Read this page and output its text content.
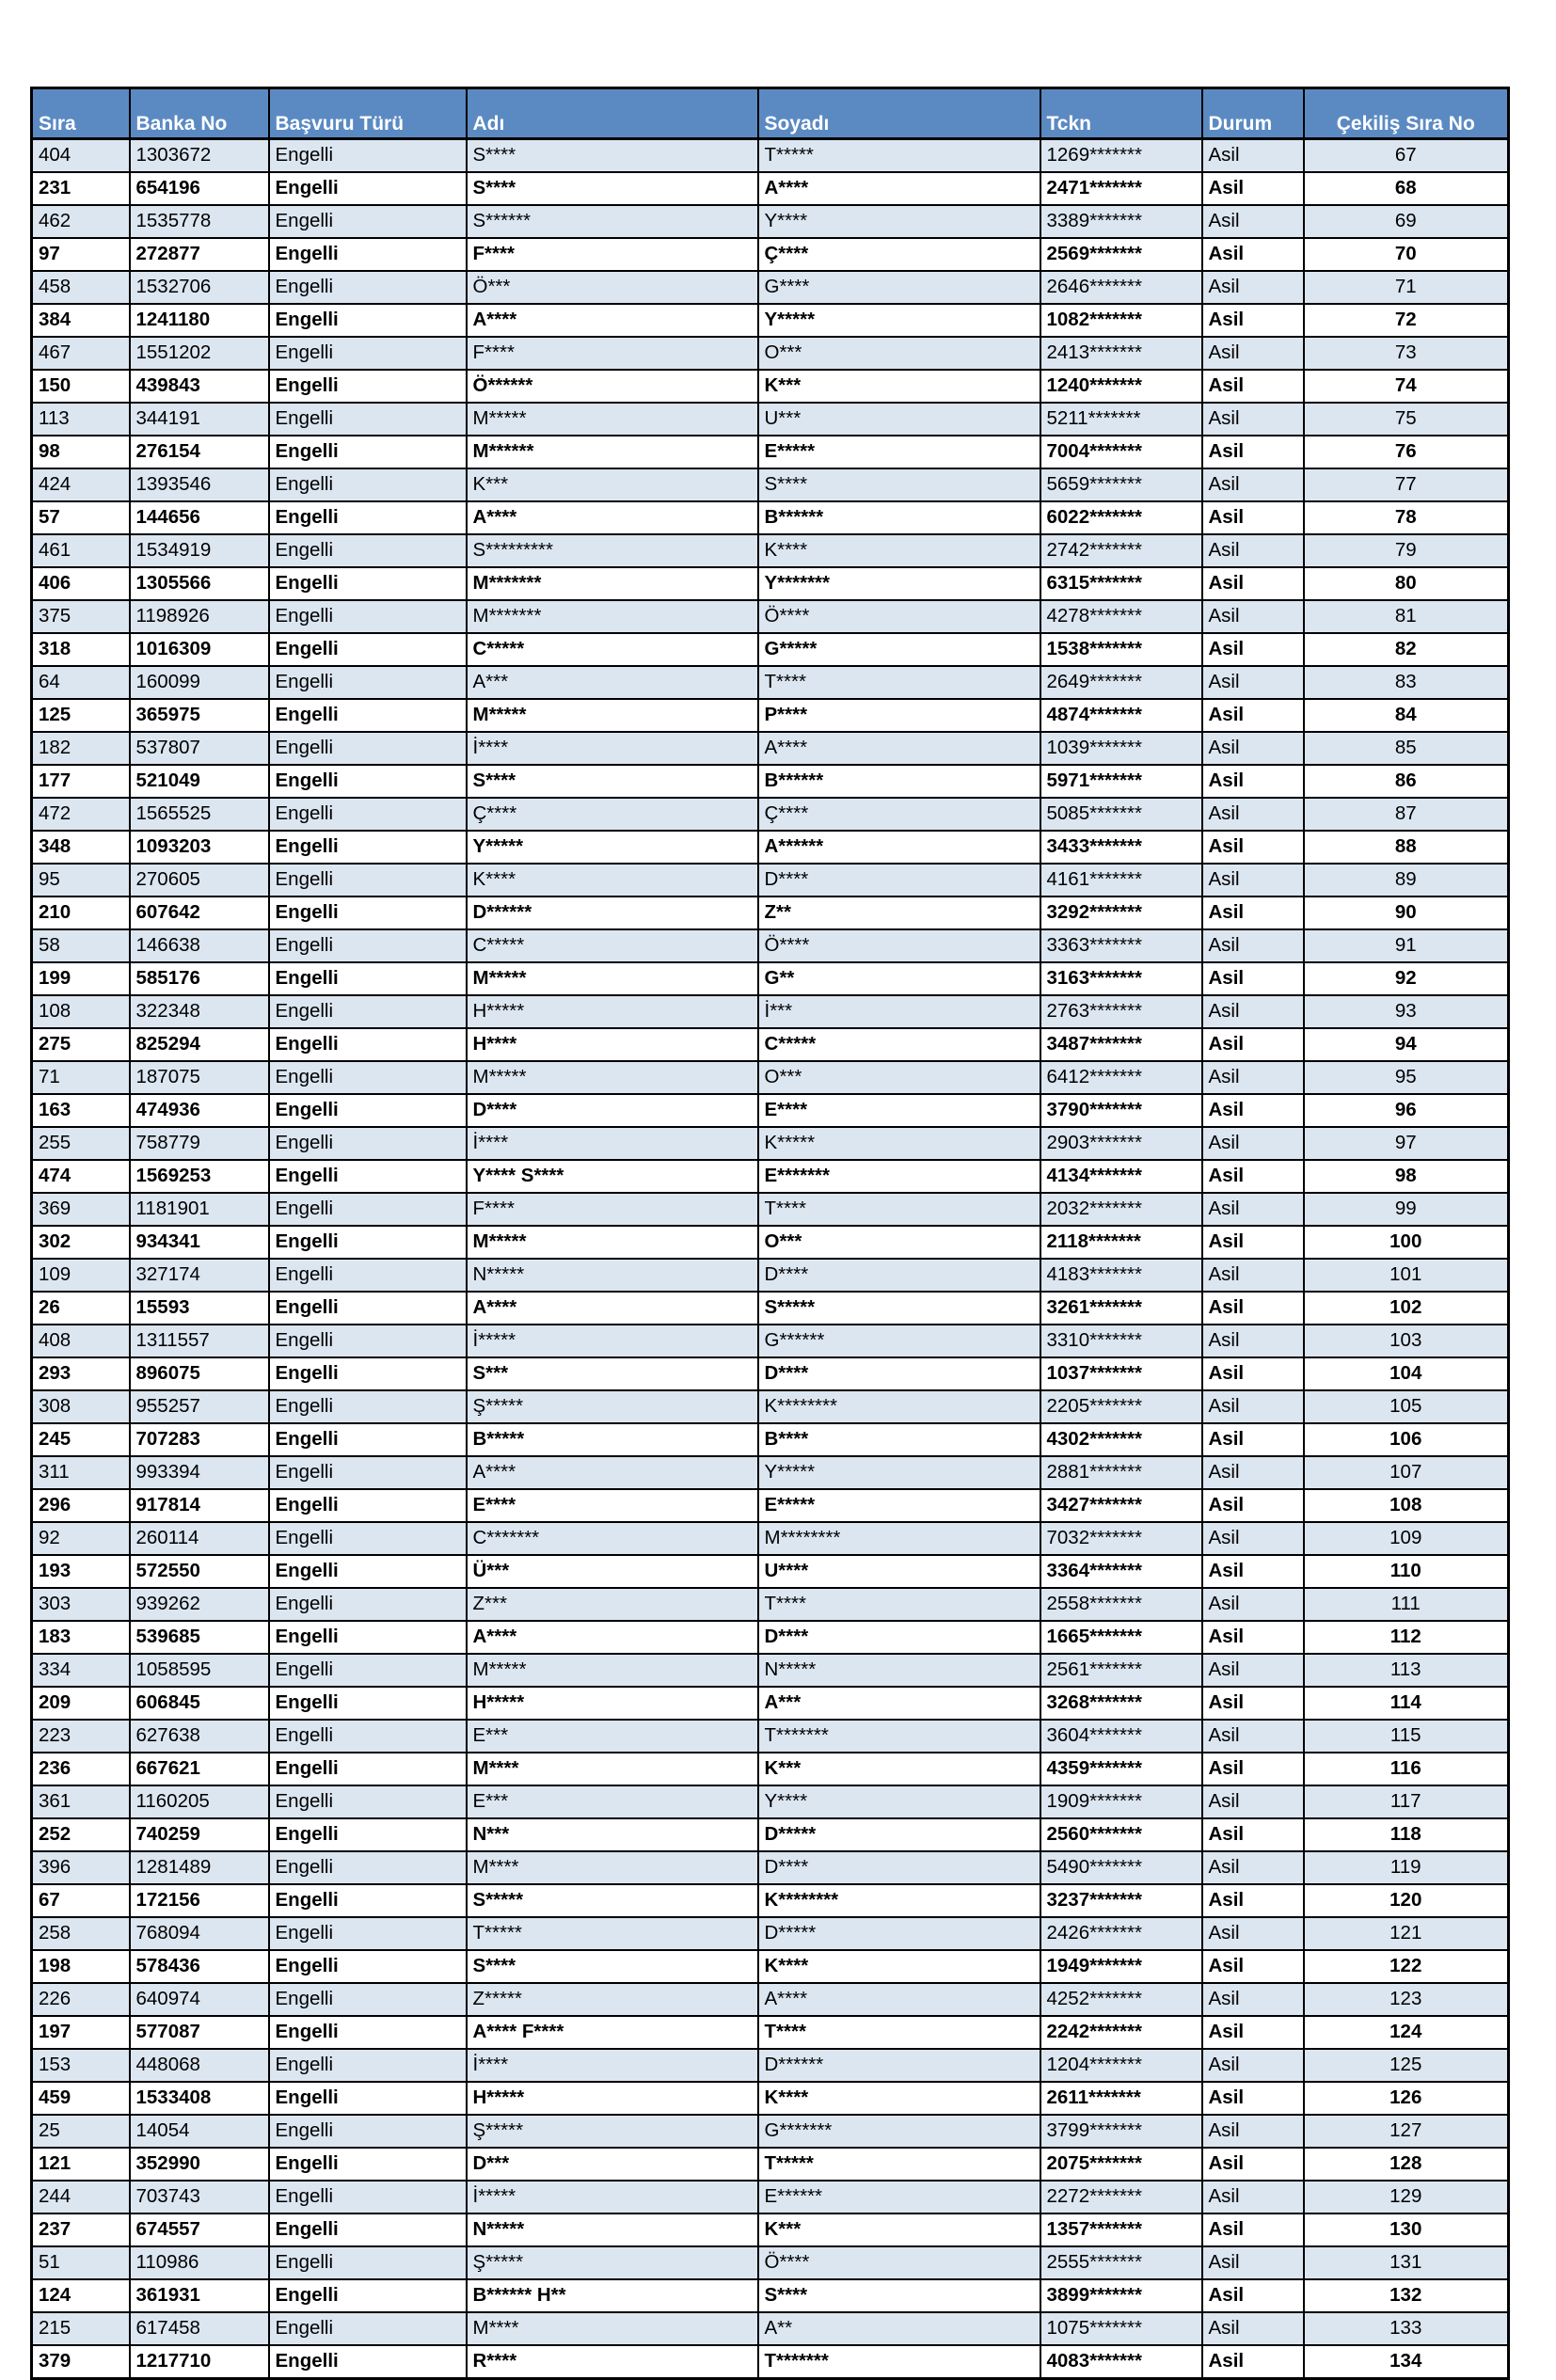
Sıra	Banka No	Başvuru Türü	Adı	Soyadı	Tckn	Durum	Çekiliş Sıra No
404	1303672	Engelli	S****	T*****	1269*******	Asil	67
231	654196	Engelli	S****	A****	2471*******	Asil	68
462	1535778	Engelli	S******	Y****	3389*******	Asil	69
97	272877	Engelli	F****	Ç****	2569*******	Asil	70
458	1532706	Engelli	Ö***	G****	2646*******	Asil	71
384	1241180	Engelli	A****	Y*****	1082*******	Asil	72
467	1551202	Engelli	F****	O***	2413*******	Asil	73
150	439843	Engelli	Ö******	K***	1240*******	Asil	74
113	344191	Engelli	M*****	U***	5211*******	Asil	75
98	276154	Engelli	M******	E*****	7004*******	Asil	76
424	1393546	Engelli	K***	S****	5659*******	Asil	77
57	144656	Engelli	A****	B******	6022*******	Asil	78
461	1534919	Engelli	S*********	K****	2742*******	Asil	79
406	1305566	Engelli	M*******	Y*******	6315*******	Asil	80
375	1198926	Engelli	M*******	Ö****	4278*******	Asil	81
318	1016309	Engelli	C*****	G*****	1538*******	Asil	82
64	160099	Engelli	A***	T****	2649*******	Asil	83
125	365975	Engelli	M*****	P****	4874*******	Asil	84
182	537807	Engelli	İ****	A****	1039*******	Asil	85
177	521049	Engelli	S****	B******	5971*******	Asil	86
472	1565525	Engelli	Ç****	Ç****	5085*******	Asil	87
348	1093203	Engelli	Y*****	A******	3433*******	Asil	88
95	270605	Engelli	K****	D****	4161*******	Asil	89
210	607642	Engelli	D******	Z**	3292*******	Asil	90
58	146638	Engelli	C*****	Ö****	3363*******	Asil	91
199	585176	Engelli	M*****	G**	3163*******	Asil	92
108	322348	Engelli	H*****	İ***	2763*******	Asil	93
275	825294	Engelli	H****	C*****	3487*******	Asil	94
71	187075	Engelli	M*****	O***	6412*******	Asil	95
163	474936	Engelli	D****	E****	3790*******	Asil	96
255	758779	Engelli	İ****	K*****	2903*******	Asil	97
474	1569253	Engelli	Y**** S****	E*******	4134*******	Asil	98
369	1181901	Engelli	F****	T****	2032*******	Asil	99
302	934341	Engelli	M*****	O***	2118*******	Asil	100
109	327174	Engelli	N*****	D****	4183*******	Asil	101
26	15593	Engelli	A****	S*****	3261*******	Asil	102
408	1311557	Engelli	İ*****	G******	3310*******	Asil	103
293	896075	Engelli	S***	D****	1037*******	Asil	104
308	955257	Engelli	Ş*****	K********	2205*******	Asil	105
245	707283	Engelli	B*****	B****	4302*******	Asil	106
311	993394	Engelli	A****	Y*****	2881*******	Asil	107
296	917814	Engelli	E****	E*****	3427*******	Asil	108
92	260114	Engelli	C*******	M********	7032*******	Asil	109
193	572550	Engelli	Ü***	U****	3364*******	Asil	110
303	939262	Engelli	Z***	T****	2558*******	Asil	111
183	539685	Engelli	A****	D****	1665*******	Asil	112
334	1058595	Engelli	M*****	N*****	2561*******	Asil	113
209	606845	Engelli	H*****	A***	3268*******	Asil	114
223	627638	Engelli	E***	T*******	3604*******	Asil	115
236	667621	Engelli	M****	K***	4359*******	Asil	116
361	1160205	Engelli	E***	Y****	1909*******	Asil	117
252	740259	Engelli	N***	D*****	2560*******	Asil	118
396	1281489	Engelli	M****	D****	5490*******	Asil	119
67	172156	Engelli	S*****	K********	3237*******	Asil	120
258	768094	Engelli	T*****	D*****	2426*******	Asil	121
198	578436	Engelli	S****	K****	1949*******	Asil	122
226	640974	Engelli	Z*****	A****	4252*******	Asil	123
197	577087	Engelli	A**** F****	T****	2242*******	Asil	124
153	448068	Engelli	İ****	D******	1204*******	Asil	125
459	1533408	Engelli	H*****	K****	2611*******	Asil	126
25	14054	Engelli	Ş*****	G*******	3799*******	Asil	127
121	352990	Engelli	D***	T*****	2075*******	Asil	128
244	703743	Engelli	İ*****	E******	2272*******	Asil	129
237	674557	Engelli	N*****	K***	1357*******	Asil	130
51	110986	Engelli	Ş*****	Ö****	2555*******	Asil	131
124	361931	Engelli	B****** H**	S****	3899*******	Asil	132
215	617458	Engelli	M****	A**	1075*******	Asil	133
379	1217710	Engelli	R****	T*******	4083*******	Asil	134
